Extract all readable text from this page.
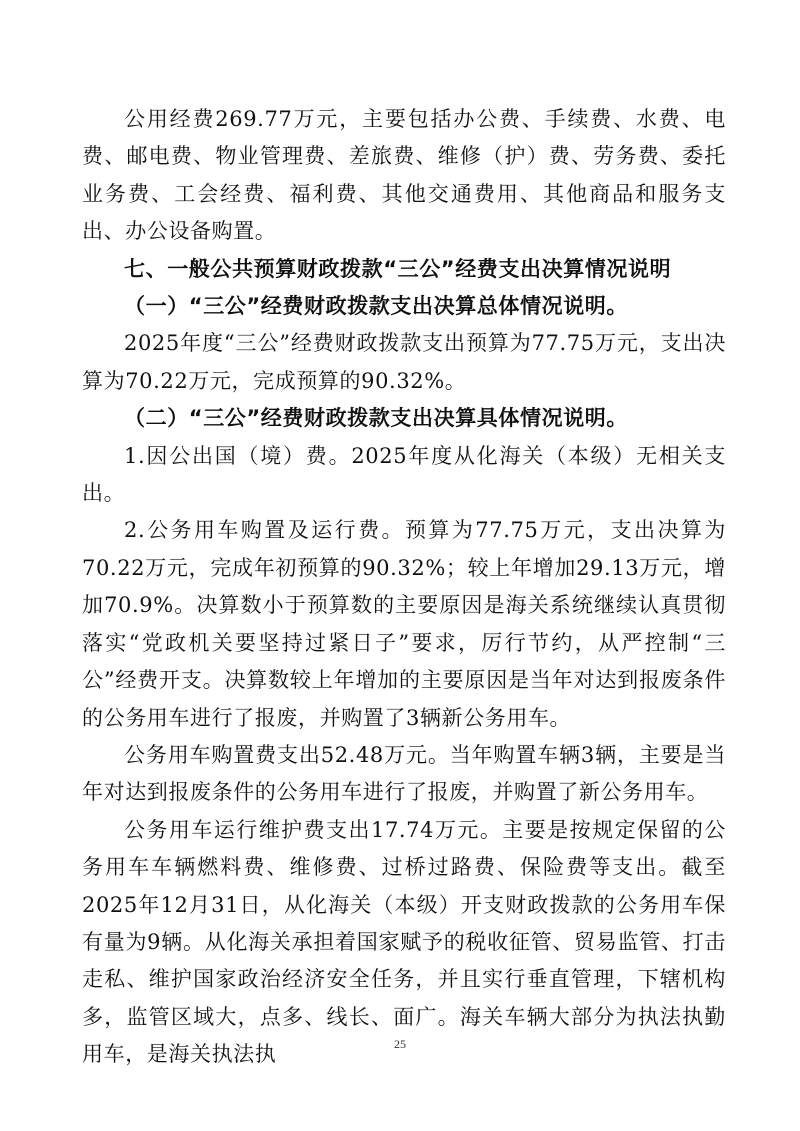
公用经费269.77万元，主要包括办公费、手续费、水费、电费、邮电费、物业管理费、差旅费、维修（护）费、劳务费、委托业务费、工会经费、福利费、其他交通费用、其他商品和服务支出、办公设备购置。

七、一般公共预算财政拨款“三公”经费支出决算情况说明

（一）“三公”经费财政拨款支出决算总体情况说明。

2025年度“三公”经费财政拨款支出预算为77.75万元，支出决算为70.22万元，完成预算的90.32%。

（二）“三公”经费财政拨款支出决算具体情况说明。

1.因公出国（境）费。2025年度从化海关（本级）无相关支出。

2.公务用车购置及运行费。预算为77.75万元，支出决算为70.22万元，完成年初预算的90.32%；较上年增加29.13万元，增加70.9%。决算数小于预算数的主要原因是海关系统继续认真贯彻落实“党政机关要坚持过紧日子”要求，厉行节约，从严控制“三公”经费开支。决算数较上年增加的主要原因是当年对达到报废条件的公务用车进行了报废，并购置了3辆新公务用车。

公务用车购置费支出52.48万元。当年购置车辆3辆，主要是当年对达到报废条件的公务用车进行了报废，并购置了新公务用车。

公务用车运行维护费支出17.74万元。主要是按规定保留的公务用车车辆燃料费、维修费、过桥过路费、保险费等支出。截至2025年12月31日，从化海关（本级）开支财政拨款的公务用车保有量为9辆。从化海关承担着国家赋予的税收征管、贸易监管、打击走私、维护国家政治经济安全任务，并且实行垂直管理，下辖机构多，监管区域大，点多、线长、面广。海关车辆大部分为执法执勤用车，是海关执法执	25
